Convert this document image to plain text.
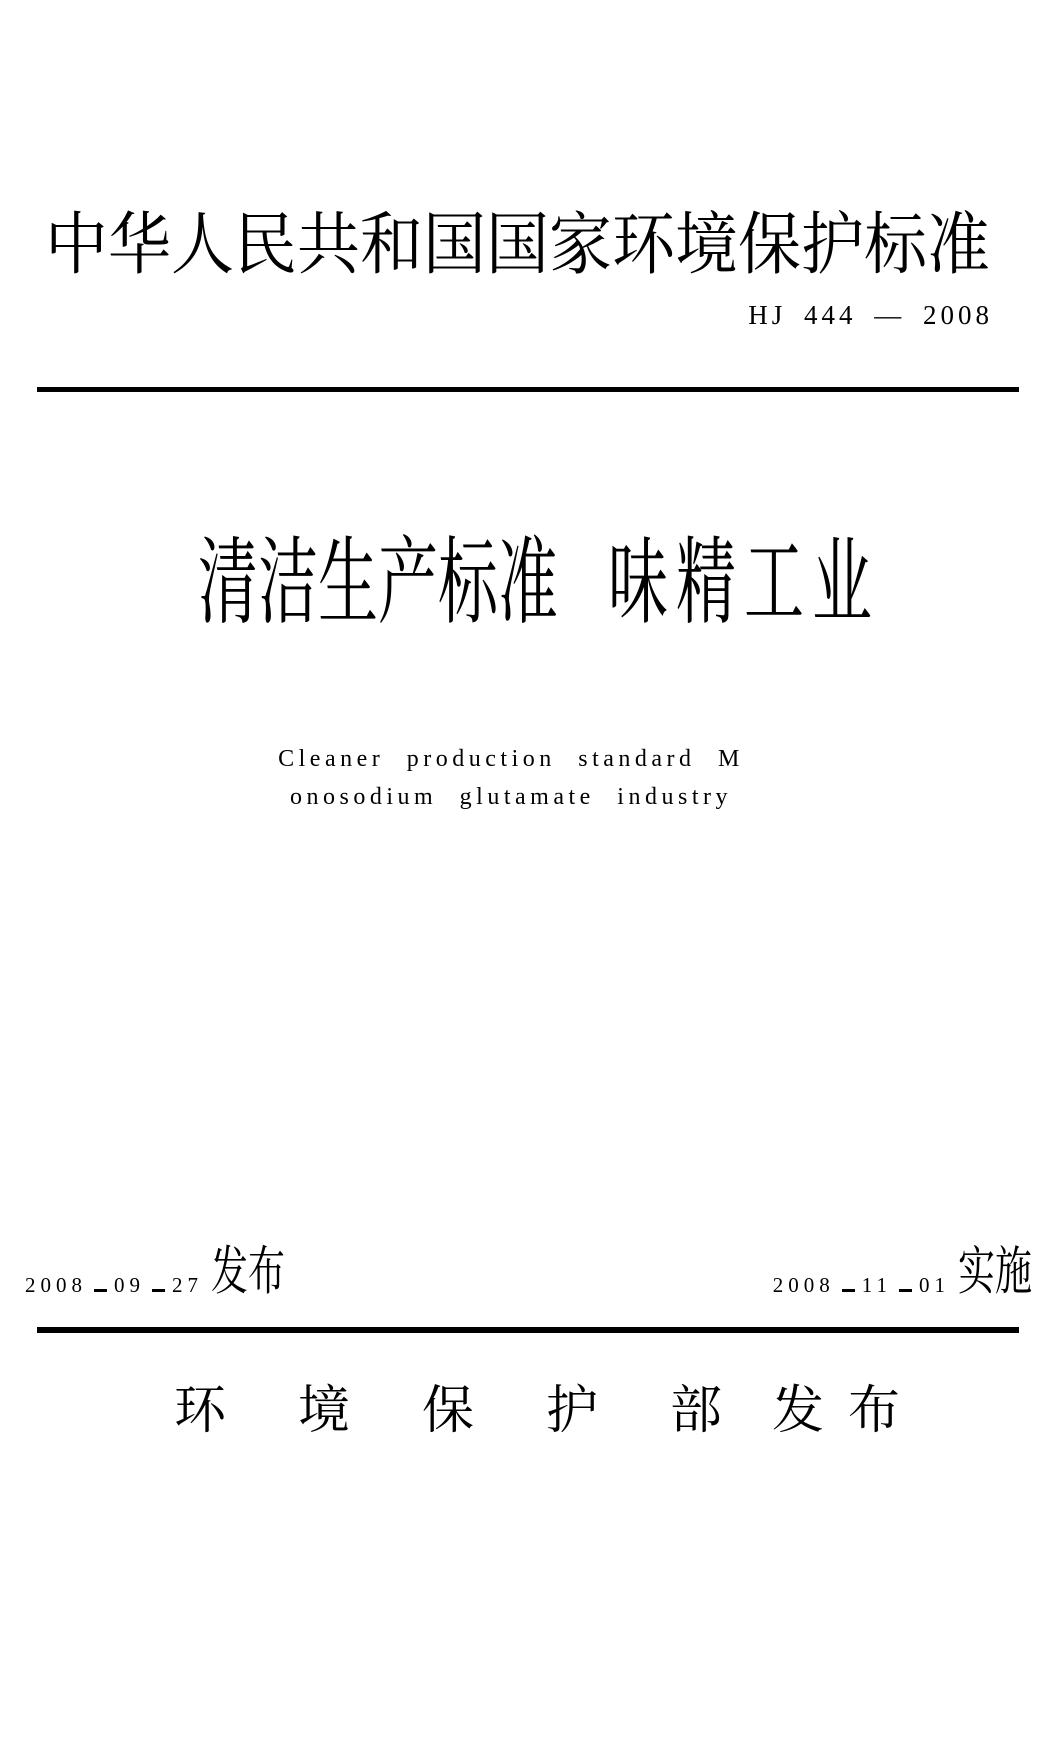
中华人民共和国国家环境保护标准
HJ 444 — 2008
清洁生产标准 味精工业
Cleaner production standard M
onosodium glutamate industry
2008 09 27 发布	2008 11 01 实施
环境保护部
发布
